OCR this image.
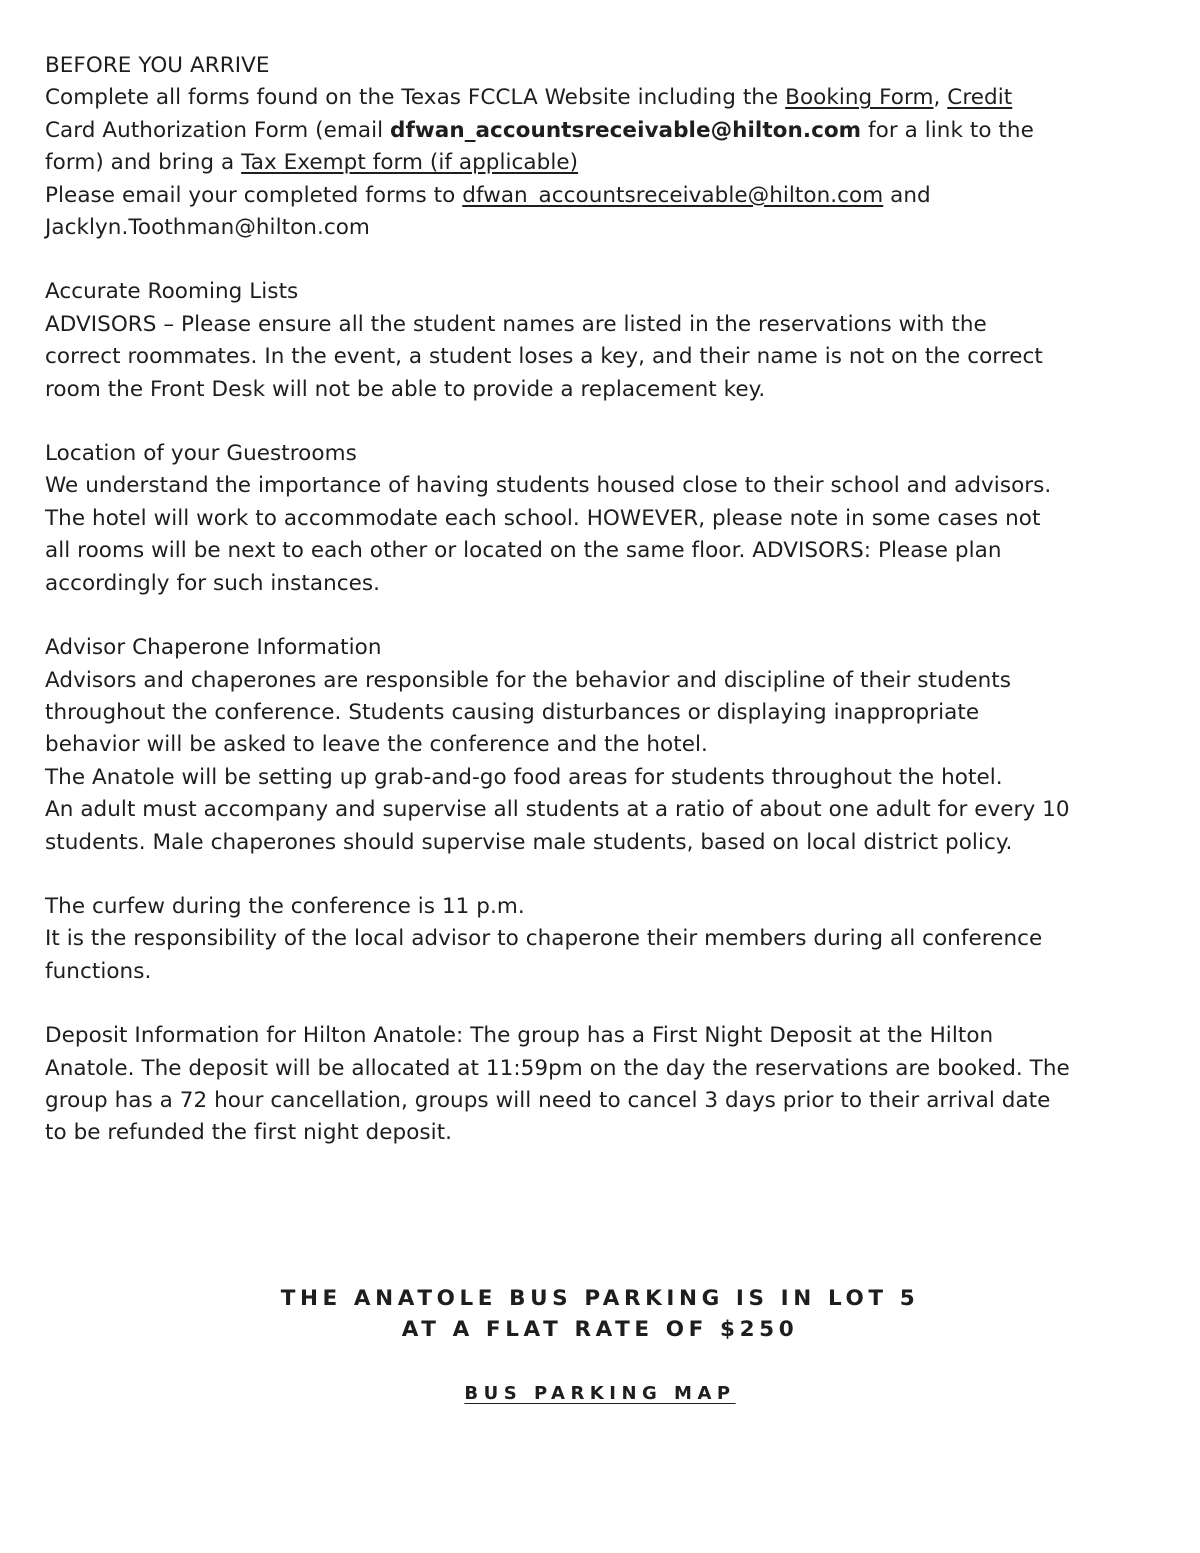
BEFORE YOU ARRIVE
Complete all forms found on the Texas FCCLA Website including the Booking Form, Credit
Card Authorization Form (email dfwan_accountsreceivable@hilton.com for a link to the
form) and bring a Tax Exempt form (if applicable)
Please email your completed forms to dfwan_accountsreceivable@hilton.com and
Jacklyn.Toothman@hilton.com
Accurate Rooming Lists
ADVISORS – Please ensure all the student names are listed in the reservations with the
correct roommates. In the event, a student loses a key, and their name is not on the correct
room the Front Desk will not be able to provide a replacement key.
Location of your Guestrooms
We understand the importance of having students housed close to their school and advisors.
The hotel will work to accommodate each school. HOWEVER, please note in some cases not
all rooms will be next to each other or located on the same floor. ADVISORS: Please plan
accordingly for such instances.
Advisor Chaperone Information
Advisors and chaperones are responsible for the behavior and discipline of their students
throughout the conference. Students causing disturbances or displaying inappropriate
behavior will be asked to leave the conference and the hotel.
The Anatole will be setting up grab-and-go food areas for students throughout the hotel.
An adult must accompany and supervise all students at a ratio of about one adult for every 10
students. Male chaperones should supervise male students, based on local district policy.
The curfew during the conference is 11 p.m.
It is the responsibility of the local advisor to chaperone their members during all conference
functions.
Deposit Information for Hilton Anatole: The group has a First Night Deposit at the Hilton
Anatole. The deposit will be allocated at 11:59pm on the day the reservations are booked. The
group has a 72 hour cancellation, groups will need to cancel 3 days prior to their arrival date
to be refunded the first night deposit.
THE ANATOLE BUS PARKING IS IN LOT 5
AT A FLAT RATE OF $250
BUS PARKING MAP
